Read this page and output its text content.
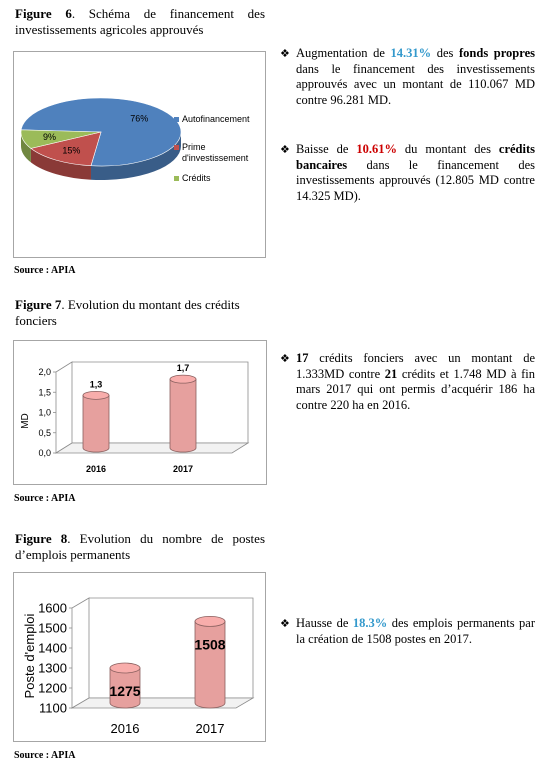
Figure 6. Schéma de financement des investissements agricoles approuvés
76%
15%
9%
Autofinancement
Prime d'investissement
Crédits
Source : APIA
Figure 7. Evolution du montant des crédits fonciers
0,0
0,5
1,0
1,5
2,0
MD
1,3
2016
1,7
2017
Source : APIA
Figure 8. Evolution du nombre de postes d’emplois permanents
1100
1200
1300
1400
1500
1600
Poste d'emploi	1275
2016
1508
2017
Source : APIA
❖ Augmentation de 14.31% des fonds propres dans le financement des investissements approuvés avec un montant de 110.067 MD contre 96.281 MD.
❖ Baisse de 10.61% du montant des crédits bancaires dans le financement des investissements approuvés (12.805 MD contre 14.325 MD).
❖ 17 crédits fonciers avec un montant de 1.333MD contre 21 crédits et 1.748 MD à fin mars 2017 qui ont permis d’acquérir 186 ha contre 220 ha en 2016.
❖ Hausse de 18.3% des emplois permanents par la création de 1508 postes en 2017.
